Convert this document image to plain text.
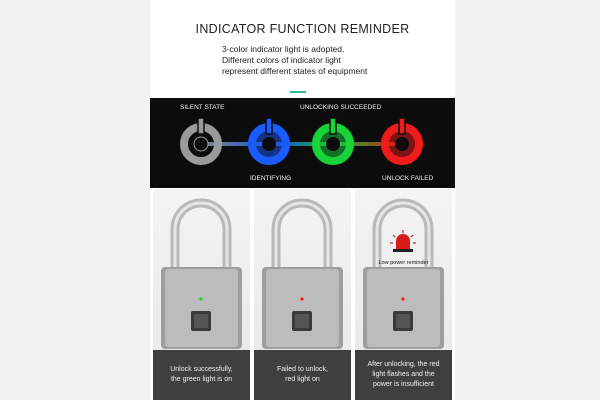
INDICATOR FUNCTION REMINDER
3-color indicator light is adopted.
Different colors of indicator light
represent different states of equipment
SILENT STATE	UNLOCKING SUCCEEDED
IDENTIFYING	UNLOCK FAILED
Unlock successfully,
the green light is on
Failed to unlock,
red light on
Low power reminder
After unlocking, the red
light flashes and the
power is insufficient
